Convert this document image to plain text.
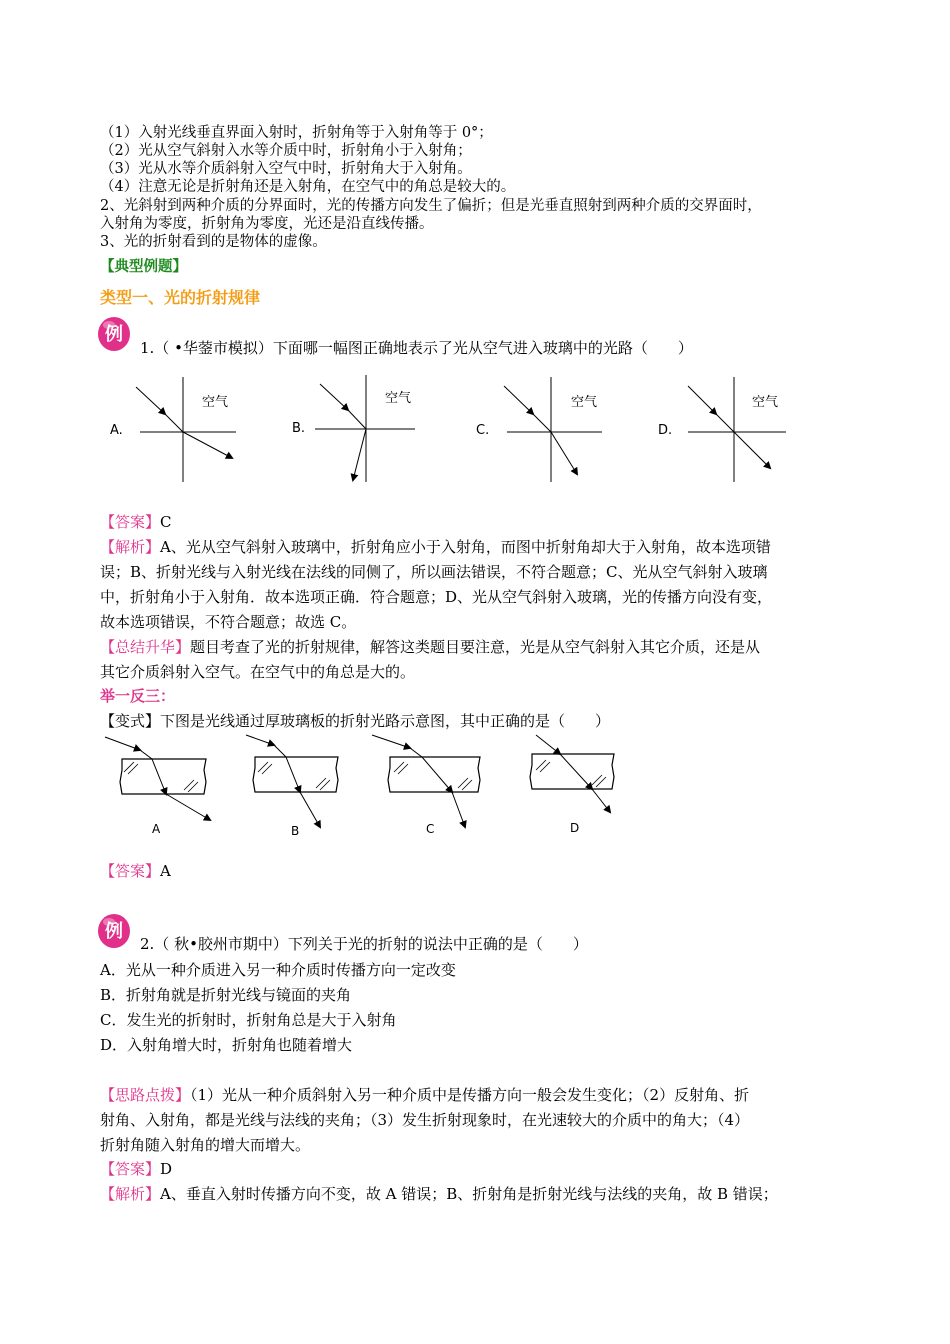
（1）入射光线垂直界面入射时，折射角等于入射角等于 0°；
（2）光从空气斜射入水等介质中时，折射角小于入射角；
（3）光从水等介质斜射入空气中时，折射角大于入射角。
（4）注意无论是折射角还是入射角，在空气中的角总是较大的。
2、光斜射到两种介质的分界面时，光的传播方向发生了偏折；但是光垂直照射到两种介质的交界面时，
入射角为零度，折射角为零度，光还是沿直线传播。
3、光的折射看到的是物体的虚像。
【典型例题】
类型一、光的折射规律
例
1.（ •华蓥市模拟）下面哪一幅图正确地表示了光从空气进入玻璃中的光路（　　）
A.
空气
B.
空气
C.
空气
D.
空气
【答案】C
【解析】A、光从空气斜射入玻璃中，折射角应小于入射角，而图中折射角却大于入射角，故本选项错
误；B、折射光线与入射光线在法线的同侧了，所以画法错误，不符合题意；C、光从空气斜射入玻璃
中，折射角小于入射角．故本选项正确．符合题意；D、光从空气斜射入玻璃，光的传播方向没有变，
故本选项错误，不符合题意；故选 C。
【总结升华】题目考查了光的折射规律，解答这类题目要注意，光是从空气斜射入其它介质，还是从
其它介质斜射入空气。在空气中的角总是大的。
举一反三：
【变式】下图是光线通过厚玻璃板的折射光路示意图，其中正确的是（　　）
A	B	C	D
【答案】A
例
2.（ 秋•胶州市期中）下列关于光的折射的说法中正确的是（　　）
A．光从一种介质进入另一种介质时传播方向一定改变
B．折射角就是折射光线与镜面的夹角
C．发生光的折射时，折射角总是大于入射角
D．入射角增大时，折射角也随着增大
【思路点拨】（1）光从一种介质斜射入另一种介质中是传播方向一般会发生变化；（2）反射角、折
射角、入射角，都是光线与法线的夹角；（3）发生折射现象时，在光速较大的介质中的角大；（4）
折射角随入射角的增大而增大。
【答案】D
【解析】A、垂直入射时传播方向不变，故 A 错误；B、折射角是折射光线与法线的夹角，故 B 错误；
